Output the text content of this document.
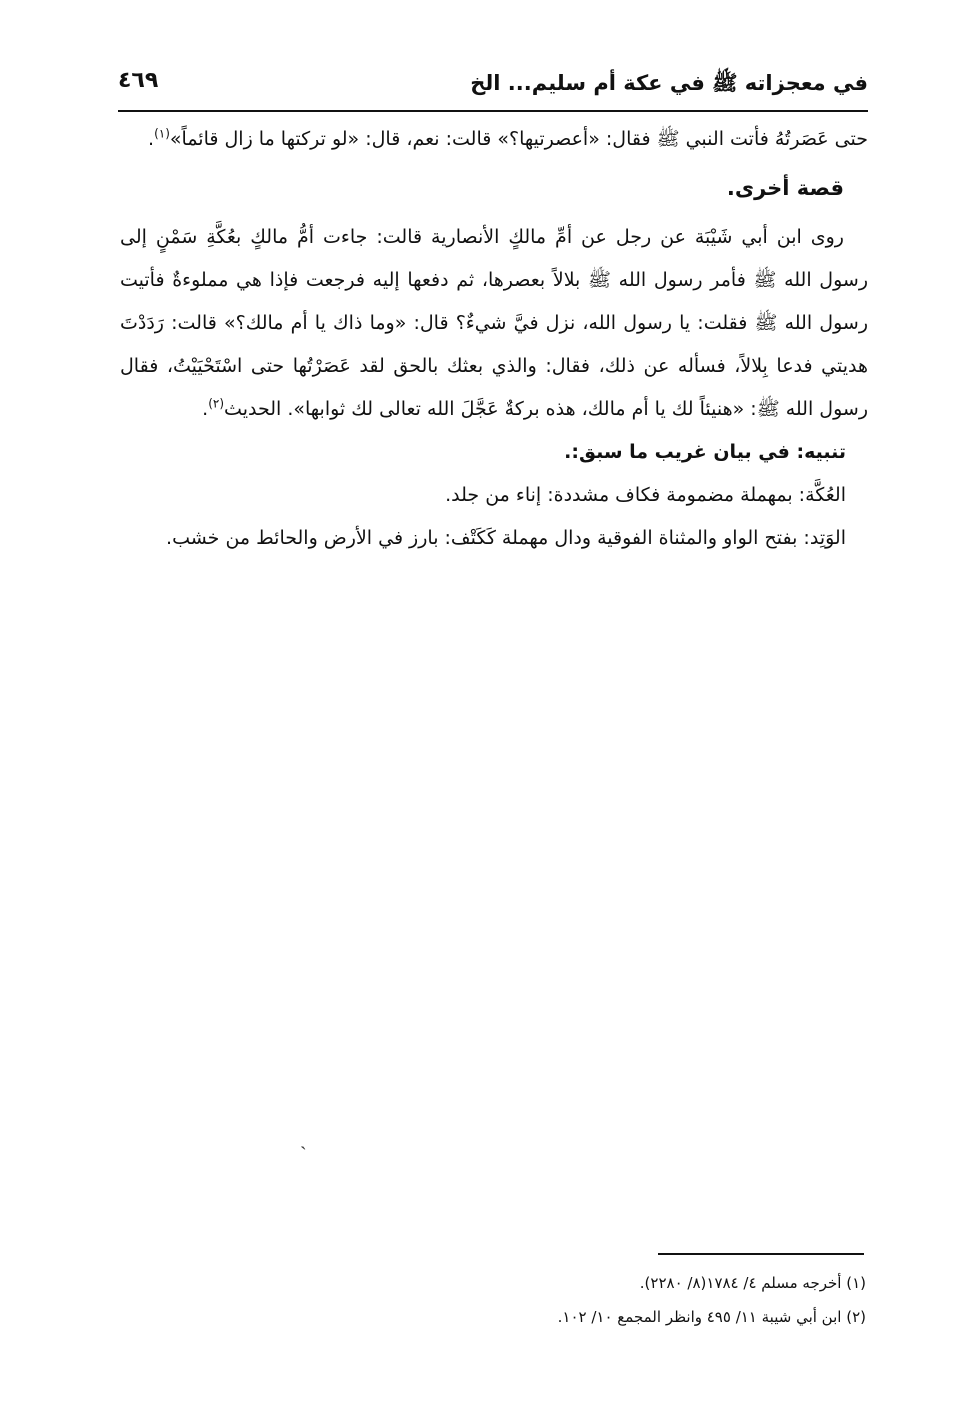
في معجزاته ﷺ في عكة أم سليم... الخ
٤٦٩

حتى عَصَرتُهُ فأتت النبي ﷺ فقال: «أعصرتيها؟» قالت: نعم، قال: «لو تركتها ما زال قائماً»$^{(١)}$.

قصة أخرى.

روى ابن أبي شَيْبَة عن رجل عن أمِّ مالكٍ الأنصارية قالت: جاءت أمُّ مالكٍ بعُكَّةِ سَمْنٍ إلى رسول الله ﷺ فأمر رسول الله ﷺ بلالاً بعصرها، ثم دفعها إليه فرجعت فإذا هي مملوءةٌ فأتيت رسول الله ﷺ فقلت: يا رسول الله، نزل فيَّ شيءٌ؟ قال: «وما ذاك يا أم مالك؟» قالت: رَدَدْتَ هديتي فدعا بِلالاً، فسأله عن ذلك، فقال: والذي بعثك بالحق لقد عَصَرْتُها حتى اسْتَحْيَيْتُ، فقال رسول الله ﷺ: «هنيئاً لك يا أم مالك، هذه بركةٌ عَجَّلَ الله تعالى لك ثوابها». الحديث$^{(٢)}$.

تنبيه: في بيان غريب ما سبق:.

العُكَّة: بمهملة مضمومة فكاف مشددة: إناء من جلد.

الوَتِد: بفتح الواو والمثناة الفوقية ودال مهملة كَكَتْف: بارز في الأرض والحائط من خشب.

ˎ

(١) أخرجه مسلم ٤/ ١٧٨٤(٨/ ٢٢٨٠).

(٢) ابن أبي شيبة ١١/ ٤٩٥ وانظر المجمع ١٠/ ١٠٢.
